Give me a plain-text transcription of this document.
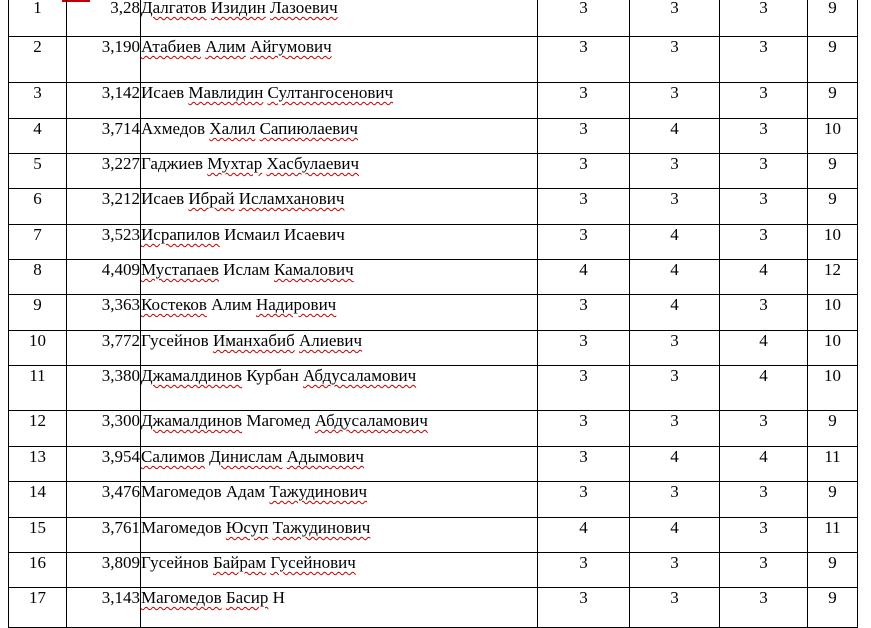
1	3,28	Далгатов Изидин Лазоевич	3	3	3	9
2	3,190	Атабиев Алим Айгумович	3	3	3	9
3	3,142	Исаев Мавлидин Султангосенович	3	3	3	9
4	3,714	Ахмедов Халил Сапиюлаевич	3	4	3	10
5	3,227	Гаджиев Мухтар Хасбулаевич	3	3	3	9
6	3,212	Исаев Ибрай Исламханович	3	3	3	9
7	3,523	Исрапилов Исмаил Исаевич	3	4	3	10
8	4,409	Мустапаев Ислам Камалович	4	4	4	12
9	3,363	Костеков Алим Надирович	3	4	3	10
10	3,772	Гусейнов Иманхабиб Алиевич	3	3	4	10
11	3,380	Джамалдинов Курбан Абдусаламович	3	3	4	10
12	3,300	Джамалдинов Магомед Абдусаламович	3	3	3	9
13	3,954	Салимов Динислам Адымович	3	4	4	11
14	3,476	Магомедов Адам Тажудинович	3	3	3	9
15	3,761	Магомедов Юсуп Тажудинович	4	4	3	11
16	3,809	Гусейнов Байрам Гусейнович	3	3	3	9
17	3,143	Магомедов Басир Н	3	3	3	9
